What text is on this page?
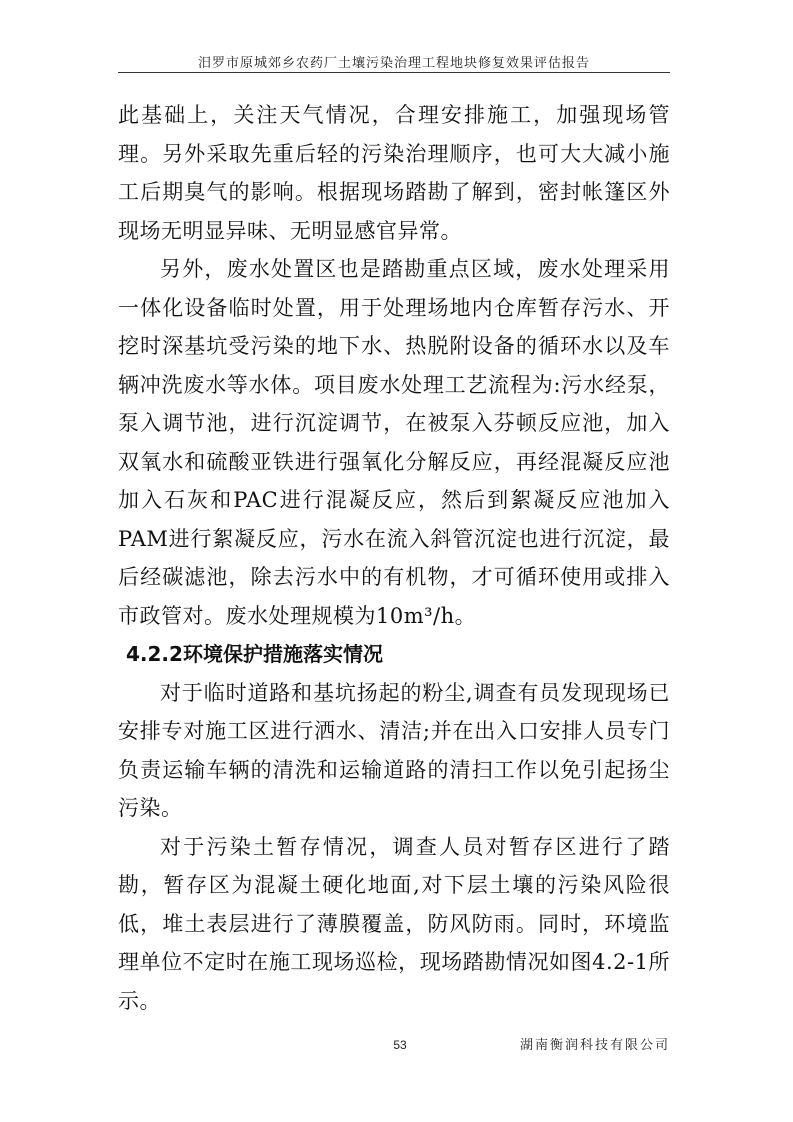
汨罗市原城郊乡农药厂土壤污染治理工程地块修复效果评估报告

此基础上，关注天气情况，合理安排施工，加强现场管理。另外采取先重后轻的污染治理顺序，也可大大减小施工后期臭气的影响。根据现场踏勘了解到，密封帐篷区外现场无明显异味、无明显感官异常。

另外，废水处置区也是踏勘重点区域，废水处理采用一体化设备临时处置，用于处理场地内仓库暂存污水、开挖时深基坑受污染的地下水、热脱附设备的循环水以及车辆冲洗废水等水体。项目废水处理工艺流程为:污水经泵，泵入调节池，进行沉淀调节，在被泵入芬顿反应池，加入双氧水和硫酸亚铁进行强氧化分解反应，再经混凝反应池加入石灰和PAC进行混凝反应，然后到絮凝反应池加入PAM进行絮凝反应，污水在流入斜管沉淀也进行沉淀，最后经碳滤池，除去污水中的有机物，才可循环使用或排入市政管对。废水处理规模为10m³/h。

4.2.2环境保护措施落实情况

对于临时道路和基坑扬起的粉尘,调查有员发现现场已安排专对施工区进行洒水、清洁;并在出入口安排人员专门负责运输车辆的清洗和运输道路的清扫工作以免引起扬尘污染。

对于污染土暂存情况，调查人员对暂存区进行了踏勘，暂存区为混凝土硬化地面,对下层土壤的污染风险很低，堆土表层进行了薄膜覆盖，防风防雨。同时，环境监理单位不定时在施工现场巡检，现场踏勘情况如图4.2-1所示。

53	湖南衡润科技有限公司
